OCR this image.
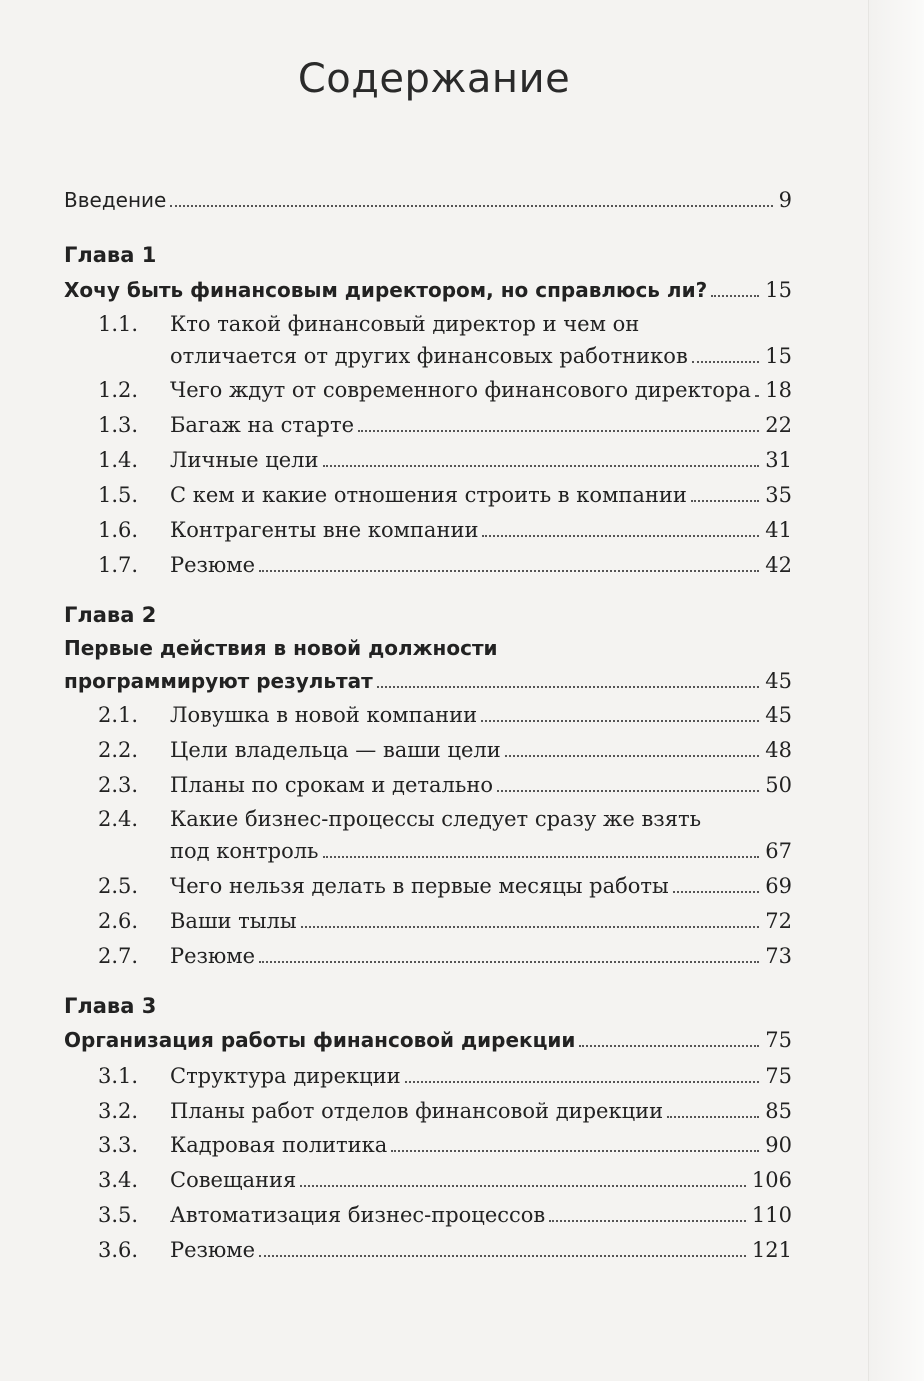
Содержание
Введение	9
Глава 1
Хочу быть финансовым директором, но справлюсь ли?	15
1.1.	Кто такой финансовый директор и чем он
отличается от других финансовых работников	15
1.2.	Чего ждут от современного финансового директора 18
1.3.	Багаж на старте	22
1.4.	Личные цели	31
1.5.	С кем и какие отношения строить в компании	35
1.6.	Контрагенты вне компании	41
1.7.	Резюме	42
Глава 2
Первые действия в новой должности
программируют результат	45
2.1.	Ловушка в новой компании	45
2.2.	Цели владельца — ваши цели	48
2.3.	Планы по срокам и детально	50
2.4.	Какие бизнес-процессы следует сразу же взять
под контроль	67
2.5.	Чего нельзя делать в первые месяцы работы	69
2.6.	Ваши тылы	72
2.7.	Резюме	73
Глава 3
Организация работы финансовой дирекции	75
3.1.	Структура дирекции	75
3.2.	Планы работ отделов финансовой дирекции	85
3.3.	Кадровая политика	90
3.4.	Совещания	106
3.5.	Автоматизация бизнес-процессов	110
3.6.	Резюме	121
